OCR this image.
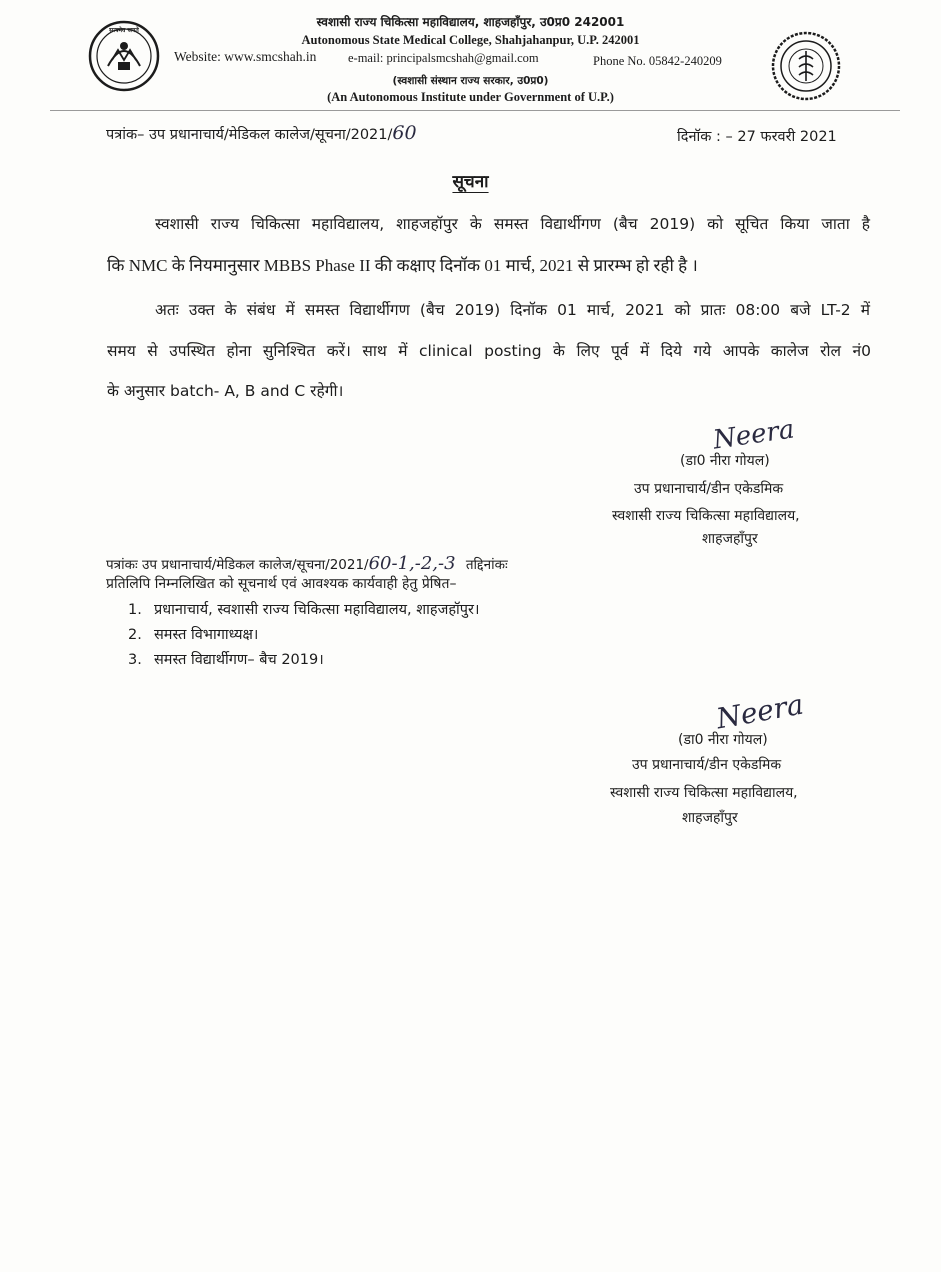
सत्यमेव जयते
स्वशासी राज्य चिकित्सा महाविद्यालय, शाहजहाँपुर, उ0प्र0 242001
Autonomous State Medical College, Shahjahanpur, U.P. 242001
Website: www.smcshah.in	e-mail: principalsmcshah@gmail.com	Phone No. 05842-240209
(स्वशासी संस्थान राज्य सरकार, उ0प्र0)
(An Autonomous Institute under Government of U.P.)
पत्रांक– उप प्रधानाचार्य/मेडिकल कालेज/सूचना/2021/60	दिनॉक : – 27 फरवरी 2021
सूचना
स्वशासी राज्य चिकित्सा महाविद्यालय, शाहजहॉपुर के समस्त विद्यार्थीगण (बैच 2019) को सूचित किया जाता है
कि NMC के नियमानुसार MBBS Phase II की कक्षाए दिनॉक 01 मार्च, 2021 से प्रारम्भ हो रही है ।
अतः उक्त के संबंध में समस्त विद्यार्थीगण (बैच 2019) दिनॉक 01 मार्च, 2021 को प्रातः 08:00 बजे LT-2 में
समय से उपस्थित होना सुनिश्चित करें। साथ में clinical posting के लिए पूर्व में दिये गये आपके कालेज रोल नं0
के अनुसार batch- A, B and C रहेगी।
Neera
(डा0 नीरा गोयल)
उप प्रधानाचार्य/डीन एकेडमिक
स्वशासी राज्य चिकित्सा महाविद्यालय,
शाहजहाँपुर
पत्रांकः उप प्रधानाचार्य/मेडिकल कालेज/सूचना/2021/60-1,-2,-3 तद्दिनांकः
प्रतिलिपि निम्नलिखित को सूचनार्थ एवं आवश्यक कार्यवाही हेतु प्रेषित–
1. प्रधानाचार्य, स्वशासी राज्य चिकित्सा महाविद्यालय, शाहजहॉपुर।
2. समस्त विभागाध्यक्ष।
3. समस्त विद्यार्थीगण– बैच 2019।
Neera
(डा0 नीरा गोयल)
उप प्रधानाचार्य/डीन एकेडमिक
स्वशासी राज्य चिकित्सा महाविद्यालय,
शाहजहाँपुर
